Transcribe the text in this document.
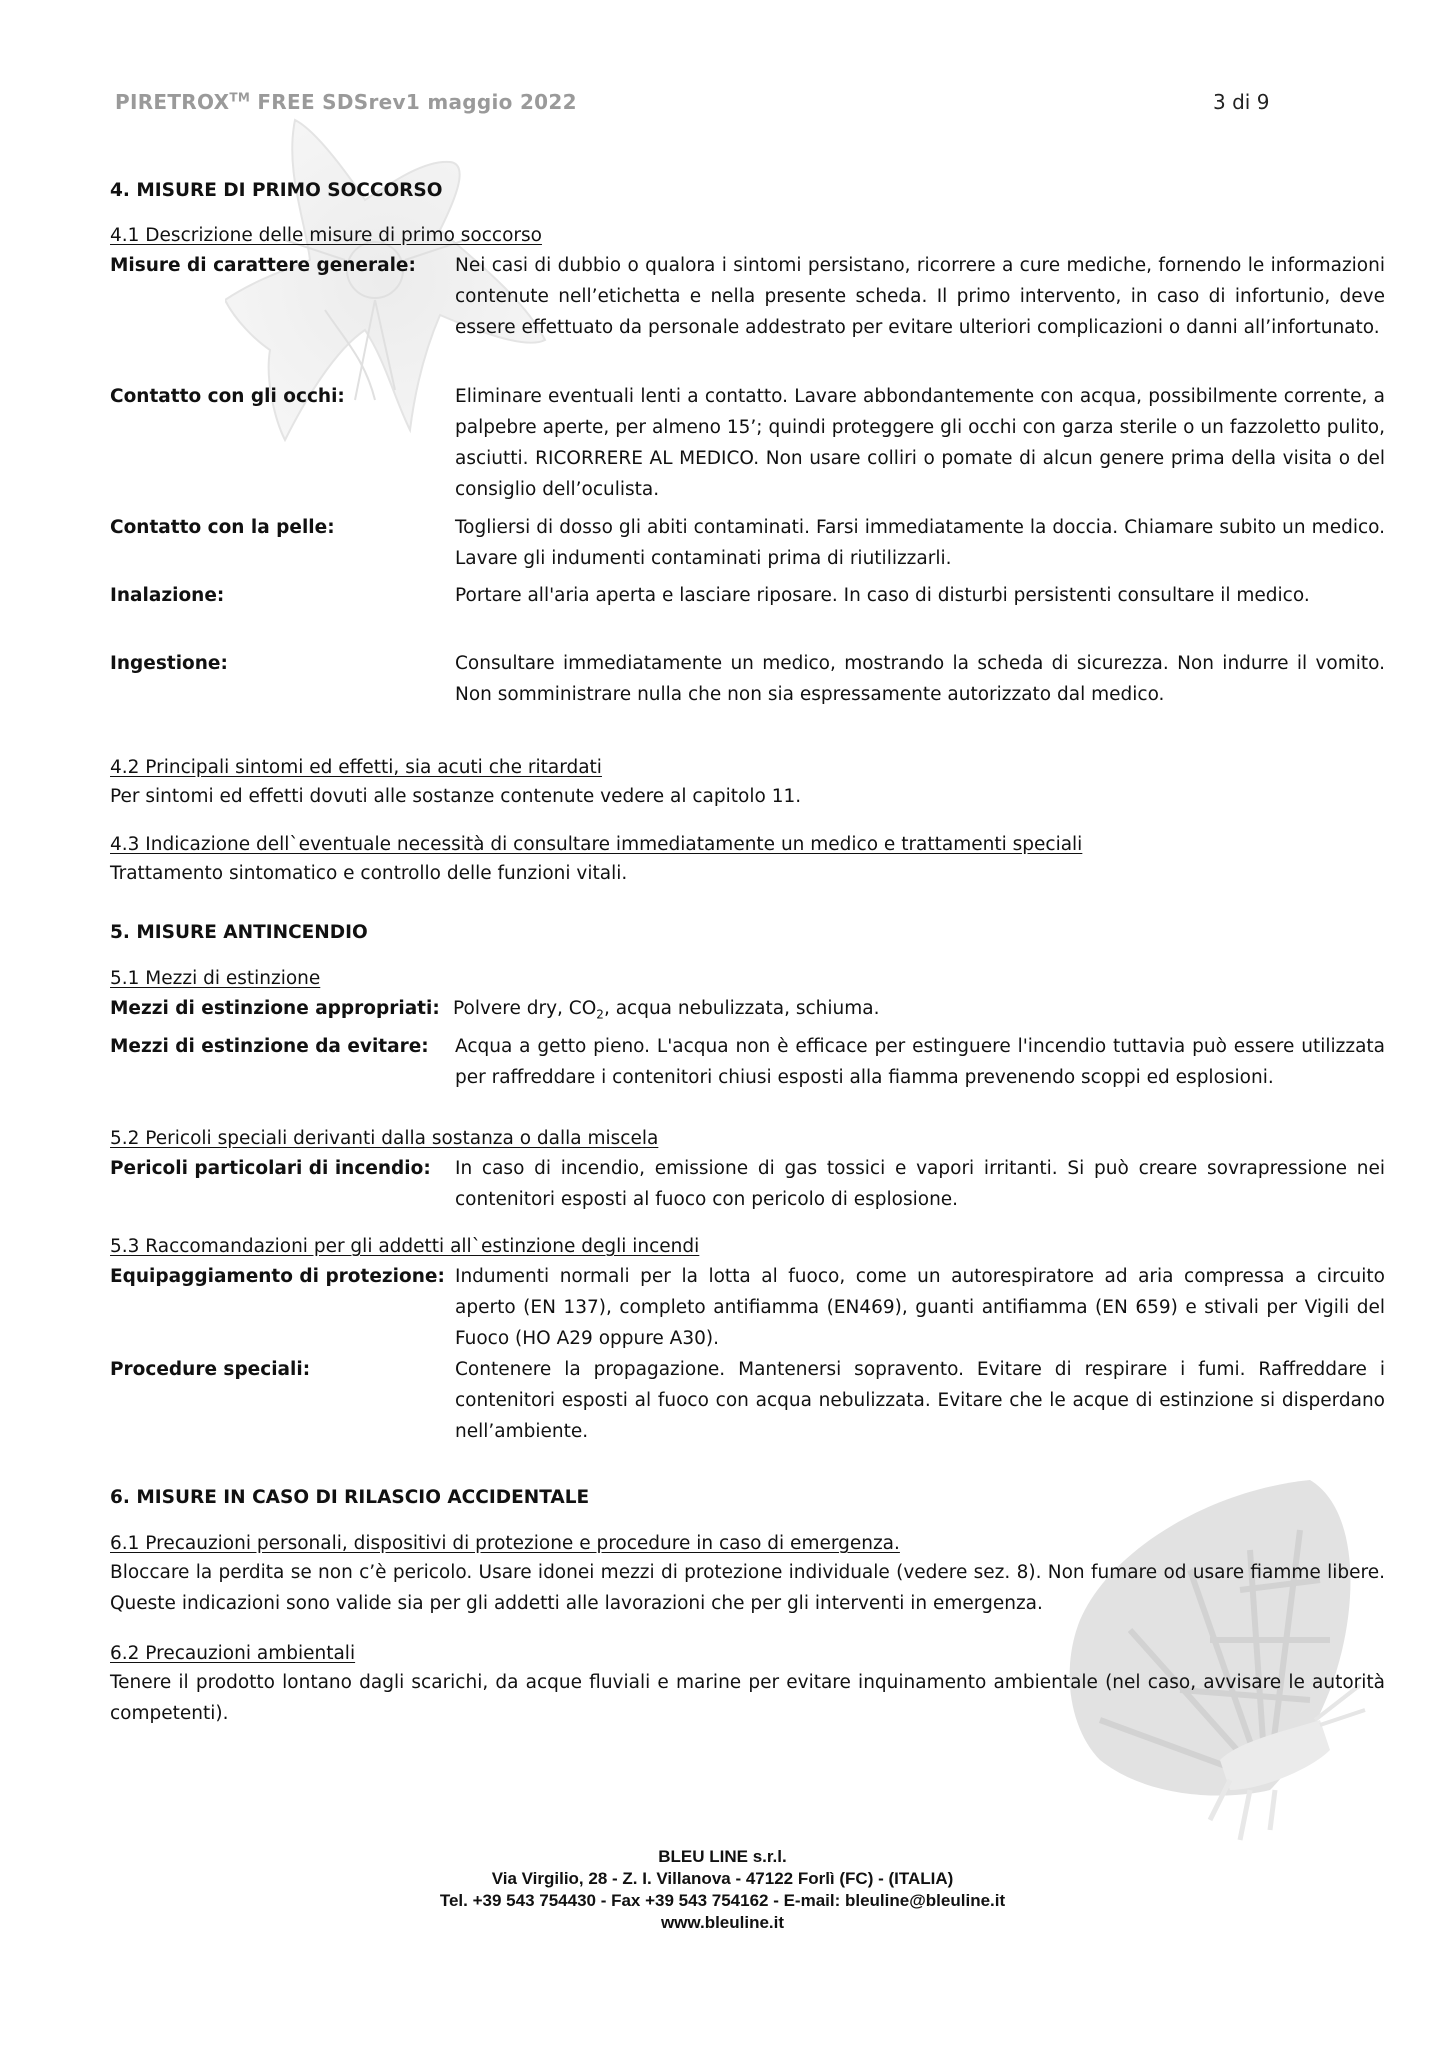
PIRETROX™ FREE SDSrev1 maggio 2022	3 di 9
4. MISURE DI PRIMO SOCCORSO
4.1 Descrizione delle misure di primo soccorso
Misure di carattere generale: Nei casi di dubbio o qualora i sintomi persistano, ricorrere a cure mediche, fornendo le informazioni contenute nell’etichetta e nella presente scheda. Il primo intervento, in caso di infortunio, deve essere effettuato da personale addestrato per evitare ulteriori complicazioni o danni all’infortunato.
Contatto con gli occhi:	Eliminare eventuali lenti a contatto. Lavare abbondantemente con acqua, possibilmente corrente, a palpebre aperte, per almeno 15’; quindi proteggere gli occhi con garza sterile o un fazzoletto pulito, asciutti. RICORRERE AL MEDICO. Non usare colliri o pomate di alcun genere prima della visita o del consiglio dell’oculista.
Contatto con la pelle:	Togliersi di dosso gli abiti contaminati. Farsi immediatamente la doccia. Chiamare subito un medico. Lavare gli indumenti contaminati prima di riutilizzarli.
Inalazione:	Portare all'aria aperta e lasciare riposare. In caso di disturbi persistenti consultare il medico.
Ingestione:	Consultare immediatamente un medico, mostrando la scheda di sicurezza. Non indurre il vomito. Non somministrare nulla che non sia espressamente autorizzato dal medico.
4.2 Principali sintomi ed effetti, sia acuti che ritardati
Per sintomi ed effetti dovuti alle sostanze contenute vedere al capitolo 11.
4.3 Indicazione dell`eventuale necessità di consultare immediatamente un medico e trattamenti speciali
Trattamento sintomatico e controllo delle funzioni vitali.
5. MISURE ANTINCENDIO
5.1 Mezzi di estinzione
Mezzi di estinzione appropriati: Polvere dry, $CO_2$, acqua nebulizzata, schiuma.
Mezzi di estinzione da evitare: Acqua a getto pieno. L'acqua non è efficace per estinguere l'incendio tuttavia può essere utilizzata per raffreddare i contenitori chiusi esposti alla fiamma prevenendo scoppi ed esplosioni.
5.2 Pericoli speciali derivanti dalla sostanza o dalla miscela
Pericoli particolari di incendio: In caso di incendio, emissione di gas tossici e vapori irritanti. Si può creare sovrapressione nei contenitori esposti al fuoco con pericolo di esplosione.
5.3 Raccomandazioni per gli addetti all`estinzione degli incendi
Equipaggiamento di protezione: Indumenti normali per la lotta al fuoco, come un autorespiratore ad aria compressa a circuito aperto (EN 137), completo antifiamma (EN469), guanti antifiamma (EN 659) e stivali per Vigili del Fuoco (HO A29 oppure A30).
Procedure speciali:	Contenere la propagazione. Mantenersi sopravento. Evitare di respirare i fumi. Raffreddare i contenitori esposti al fuoco con acqua nebulizzata. Evitare che le acque di estinzione si disperdano nell’ambiente.
6. MISURE IN CASO DI RILASCIO ACCIDENTALE
6.1 Precauzioni personali, dispositivi di protezione e procedure in caso di emergenza.
Bloccare la perdita se non c’è pericolo. Usare idonei mezzi di protezione individuale (vedere sez. 8). Non fumare od usare fiamme libere. Queste indicazioni sono valide sia per gli addetti alle lavorazioni che per gli interventi in emergenza.
6.2 Precauzioni ambientali
Tenere il prodotto lontano dagli scarichi, da acque fluviali e marine per evitare inquinamento ambientale (nel caso, avvisare le autorità competenti).
BLEU LINE s.r.l.
Via Virgilio, 28 - Z. I. Villanova - 47122 Forlì (FC) - (ITALIA)
Tel. +39 543 754430 - Fax +39 543 754162 - E-mail: bleuline@bleuline.it
www.bleuline.it
